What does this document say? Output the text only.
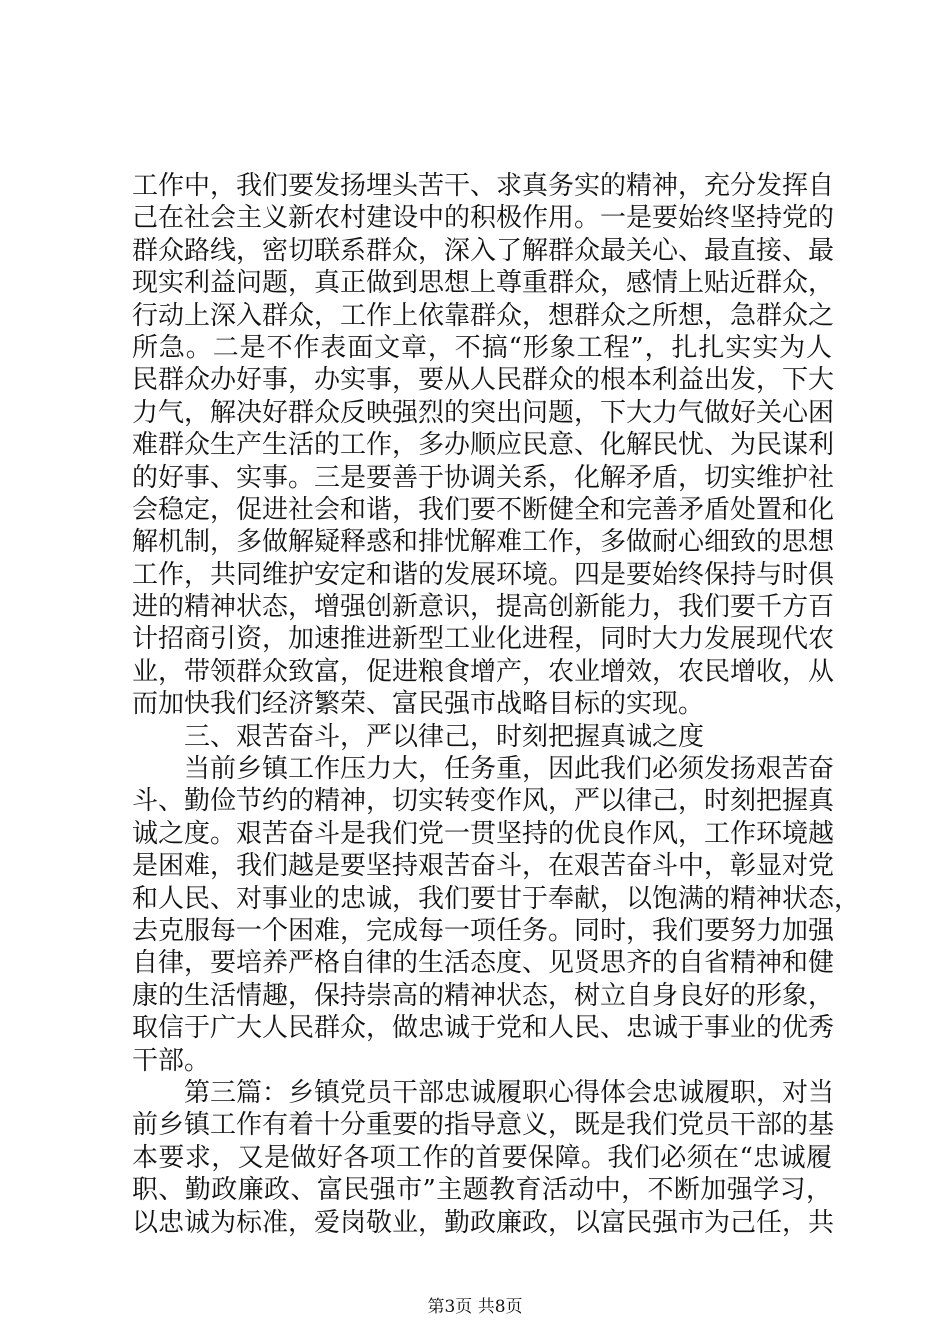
工作中，我们要发扬埋头苦干、求真务实的精神，充分发挥自
己在社会主义新农村建设中的积极作用。一是要始终坚持党的
群众路线，密切联系群众，深入了解群众最关心、最直接、最
现实利益问题，真正做到思想上尊重群众，感情上贴近群众，
行动上深入群众，工作上依靠群众，想群众之所想，急群众之
所急。二是不作表面文章，不搞“形象工程”，扎扎实实为人
民群众办好事，办实事，要从人民群众的根本利益出发，下大
力气，解决好群众反映强烈的突出问题，下大力气做好关心困
难群众生产生活的工作，多办顺应民意、化解民忧、为民谋利
的好事、实事。三是要善于协调关系，化解矛盾，切实维护社
会稳定，促进社会和谐，我们要不断健全和完善矛盾处置和化
解机制，多做解疑释惑和排忧解难工作，多做耐心细致的思想
工作，共同维护安定和谐的发展环境。四是要始终保持与时俱
进的精神状态，增强创新意识，提高创新能力，我们要千方百
计招商引资，加速推进新型工业化进程，同时大力发展现代农
业，带领群众致富，促进粮食增产，农业增效，农民增收，从
而加快我们经济繁荣、富民强市战略目标的实现。
　　三、艰苦奋斗，严以律己，时刻把握真诚之度
　　当前乡镇工作压力大，任务重，因此我们必须发扬艰苦奋
斗、勤俭节约的精神，切实转变作风，严以律己，时刻把握真
诚之度。艰苦奋斗是我们党一贯坚持的优良作风，工作环境越
是困难，我们越是要坚持艰苦奋斗，在艰苦奋斗中，彰显对党
和人民、对事业的忠诚，我们要甘于奉献，以饱满的精神状态，
去克服每一个困难，完成每一项任务。同时，我们要努力加强
自律，要培养严格自律的生活态度、见贤思齐的自省精神和健
康的生活情趣，保持崇高的精神状态，树立自身良好的形象，
取信于广大人民群众，做忠诚于党和人民、忠诚于事业的优秀
干部。
　　第三篇：乡镇党员干部忠诚履职心得体会忠诚履职，对当
前乡镇工作有着十分重要的指导意义，既是我们党员干部的基
本要求，又是做好各项工作的首要保障。我们必须在“忠诚履
职、勤政廉政、富民强市”主题教育活动中，不断加强学习，
以忠诚为标准，爱岗敬业，勤政廉政，以富民强市为己任，共
第3页 共8页
